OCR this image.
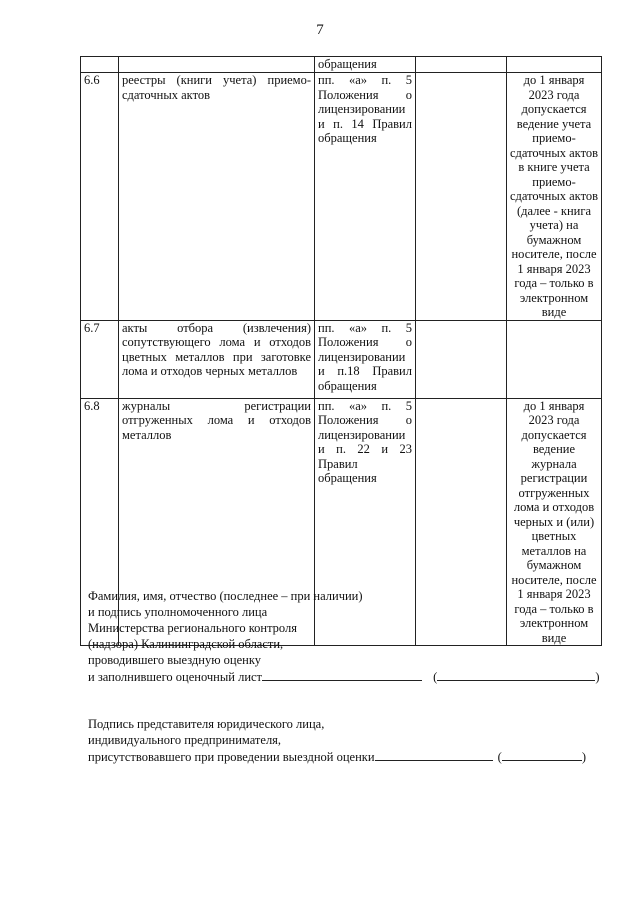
7
		обращения		
6.6	реестры (книги учета) приемо-сдаточных актов	пп. «а» п. 5 Положения о лицензировании и п. 14 Правил обращения		до 1 января 2023 года допускается ведение учета приемо-сдаточных актов в книге учета приемо-сдаточных актов (далее - книга учета) на бумажном носителе, после 1 января 2023 года – только в электронном виде
6.7	акты отбора (извлечения) сопутствующего лома и отходов цветных металлов при заготовке лома и отходов черных металлов	пп. «а» п. 5 Положения о лицензировании и п.18 Правил обращения		
6.8	журналы регистрации отгруженных лома и отходов металлов	пп. «а» п. 5 Положения о лицензировании и п. 22 и 23 Правил обращения		до 1 января 2023 года допускается ведение журнала регистрации отгруженных лома и отходов черных и (или) цветных металлов на бумажном носителе, после 1 января 2023 года – только в электронном виде
Фамилия, имя, отчество (последнее – при наличии)
и подпись уполномоченного лица
Министерства регионального контроля
(надзора) Калининградской области,
проводившего выездную оценку
и заполнившего оценочный лист	(	)
Подпись представителя юридического лица,
индивидуального предпринимателя,
присутствовавшего при проведении выездной оценки	(	)
